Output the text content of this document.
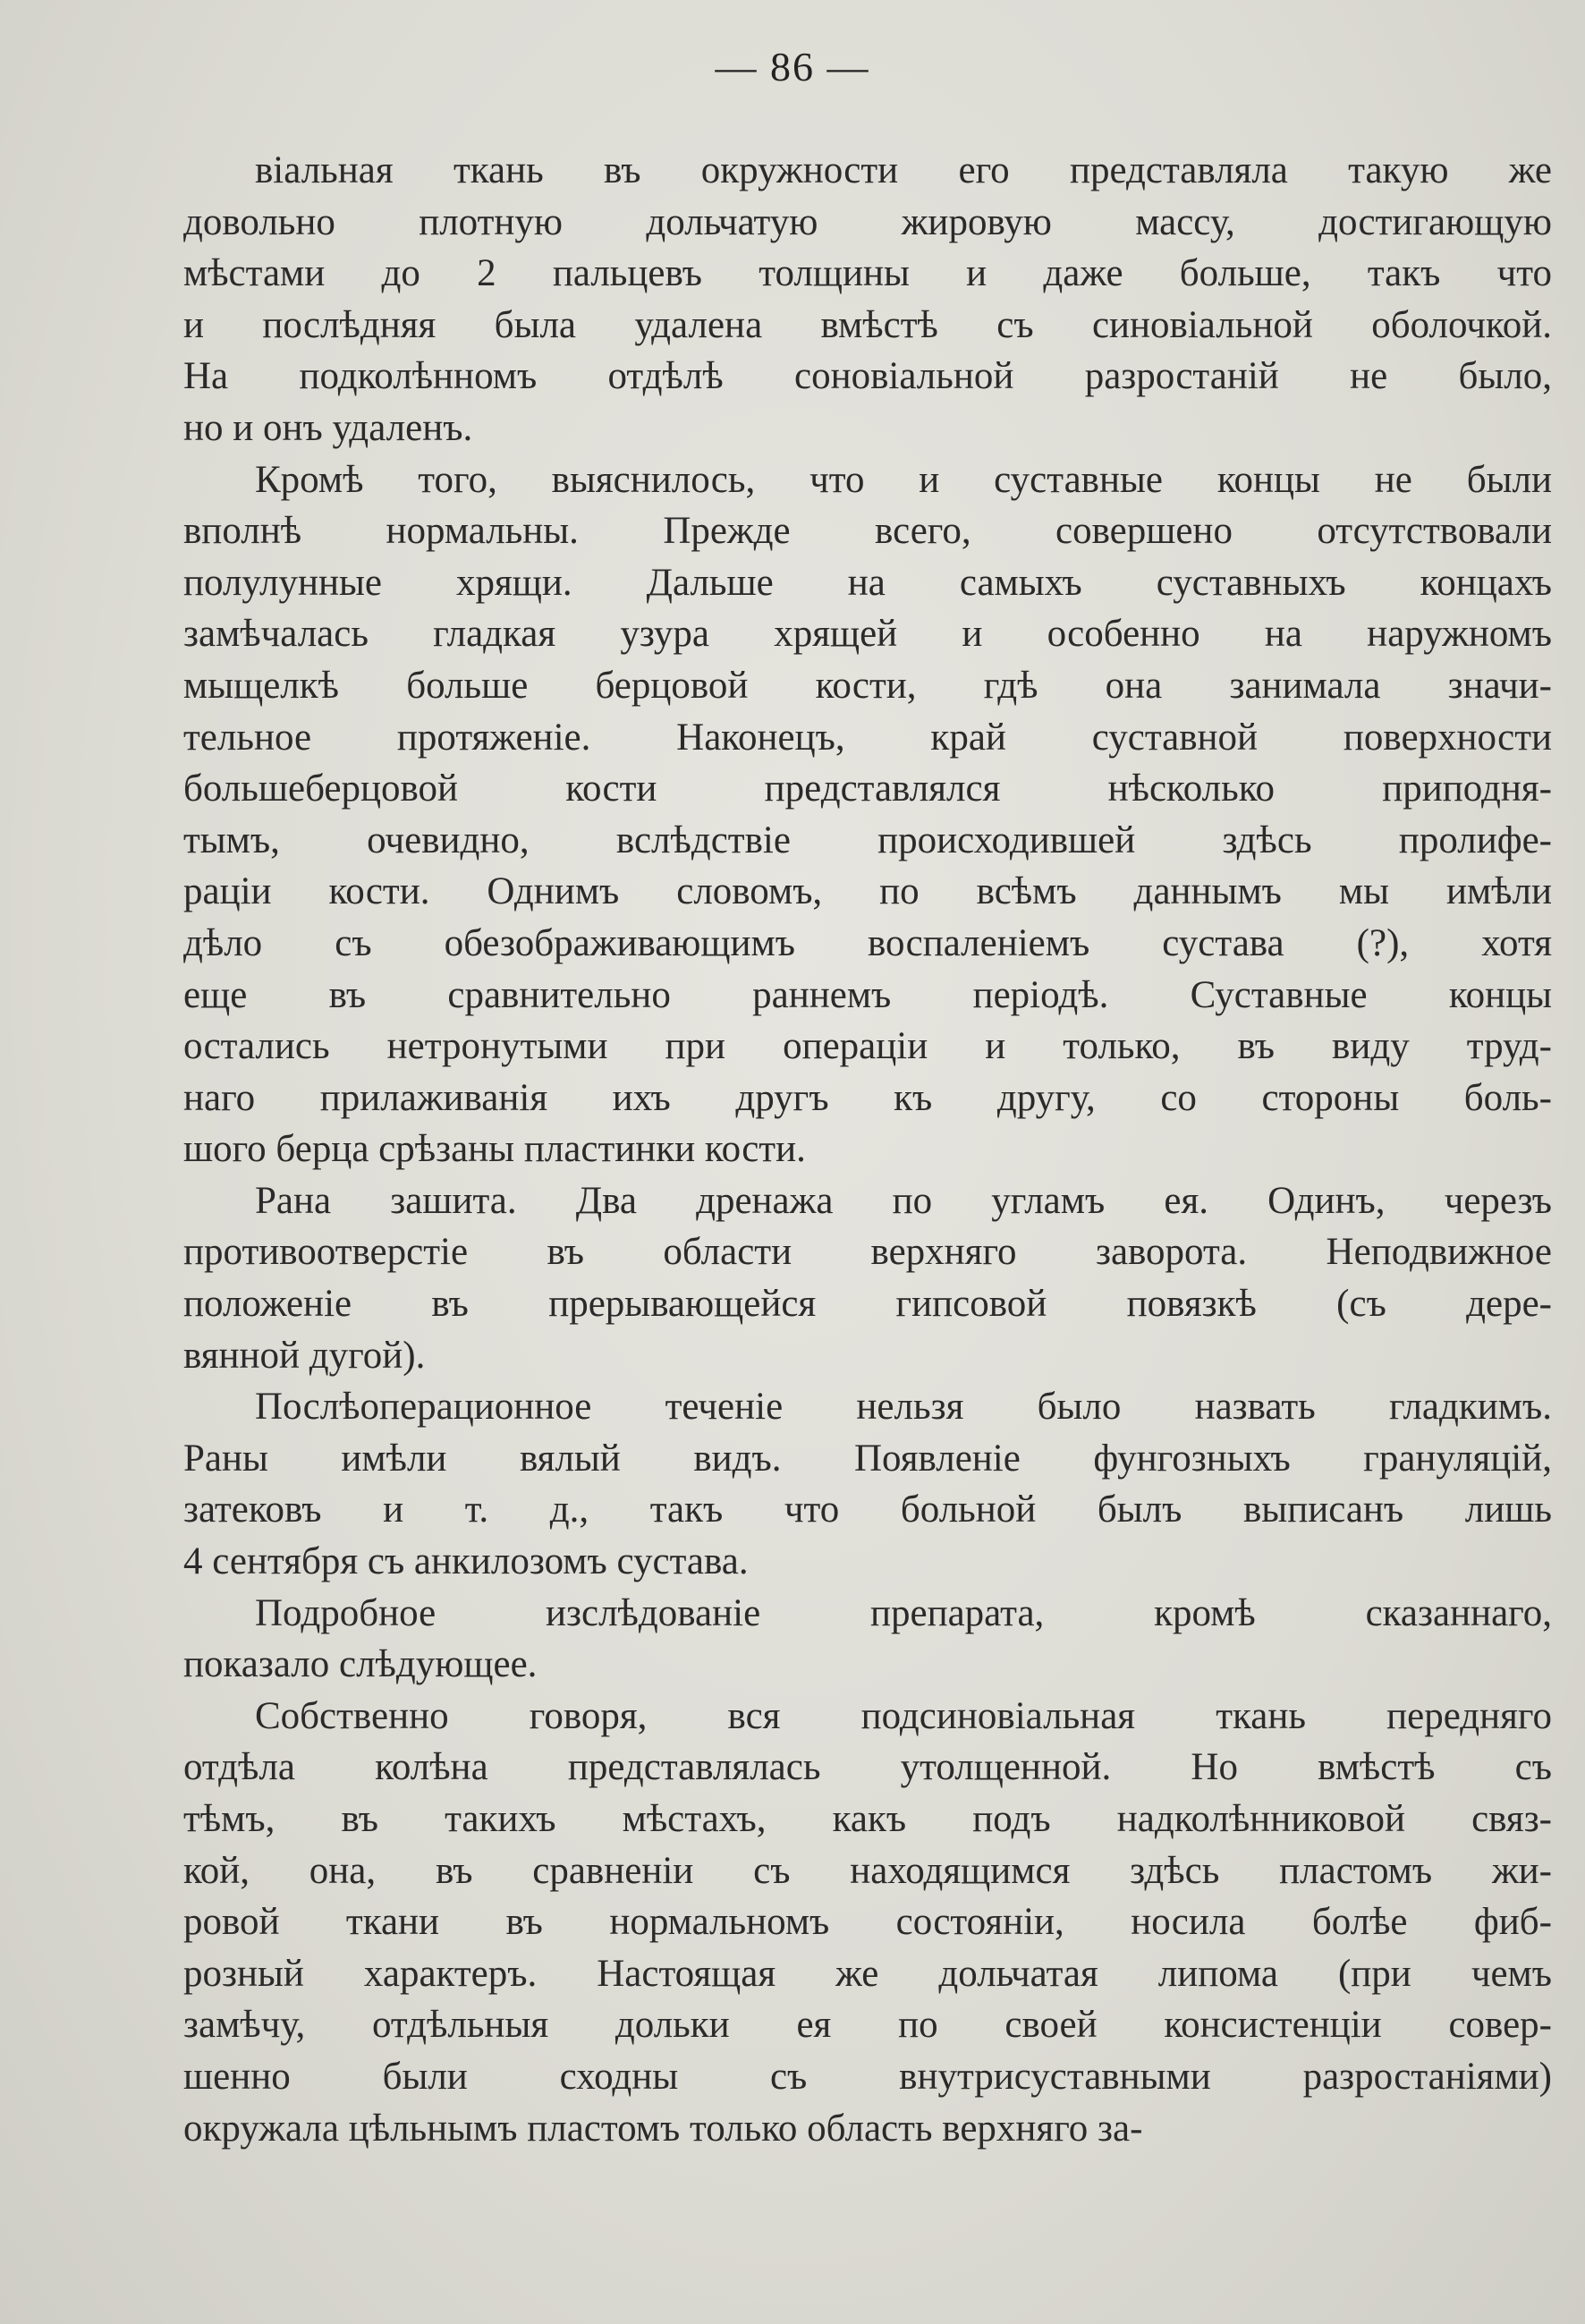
— 86 —
віальная ткань въ окружности его представляла такую же
довольно плотную дольчатую жировую массу, достигающую
мѣстами до 2 пальцевъ толщины и даже больше, такъ что
и послѣдняя была удалена вмѣстѣ съ синовіальной оболочкой.
На подколѣнномъ отдѣлѣ соновіальной разростаній не было,
но и онъ удаленъ.
Кромѣ того, выяснилось, что и суставные концы не были
вполнѣ нормальны. Прежде всего, совершено отсутствовали
полулунные хрящи. Дальше на самыхъ суставныхъ концахъ
замѣчалась гладкая узура хрящей и особенно на наружномъ
мыщелкѣ больше берцовой кости, гдѣ она занимала значи-
тельное протяженіе. Наконецъ, край суставной поверхности
большеберцовой кости представлялся нѣсколько приподня-
тымъ, очевидно, вслѣдствіе происходившей здѣсь пролифе-
раціи кости. Однимъ словомъ, по всѣмъ даннымъ мы имѣли
дѣло съ обезображивающимъ воспаленіемъ сустава (?), хотя
еще въ сравнительно раннемъ періодѣ. Суставные концы
остались нетронутыми при операціи и только, въ виду труд-
наго прилаживанія ихъ другъ къ другу, со стороны боль-
шого берца срѣзаны пластинки кости.
Рана зашита. Два дренажа по угламъ ея. Одинъ, черезъ
противоотверстіе въ области верхняго заворота. Неподвижное
положеніе въ прерывающейся гипсовой повязкѣ (съ дере-
вянной дугой).
Послѣоперационное теченіе нельзя было назвать гладкимъ.
Раны имѣли вялый видъ. Появленіе фунгозныхъ грануляцій,
затековъ и т. д., такъ что больной былъ выписанъ лишь
4 сентября съ анкилозомъ сустава.
Подробное изслѣдованіе препарата, кромѣ сказаннаго,
показало слѣдующее.
Собственно говоря, вся подсиновіальная ткань передняго
отдѣла колѣна представлялась утолщенной. Но вмѣстѣ съ
тѣмъ, въ такихъ мѣстахъ, какъ подъ надколѣнниковой связ-
кой, она, въ сравненіи съ находящимся здѣсь пластомъ жи-
ровой ткани въ нормальномъ состояніи, носила болѣе фиб-
розный характеръ. Настоящая же дольчатая липома (при чемъ
замѣчу, отдѣльныя дольки ея по своей консистенціи совер-
шенно были сходны съ внутрисуставными разростаніями)
окружала цѣльнымъ пластомъ только область верхняго за-
